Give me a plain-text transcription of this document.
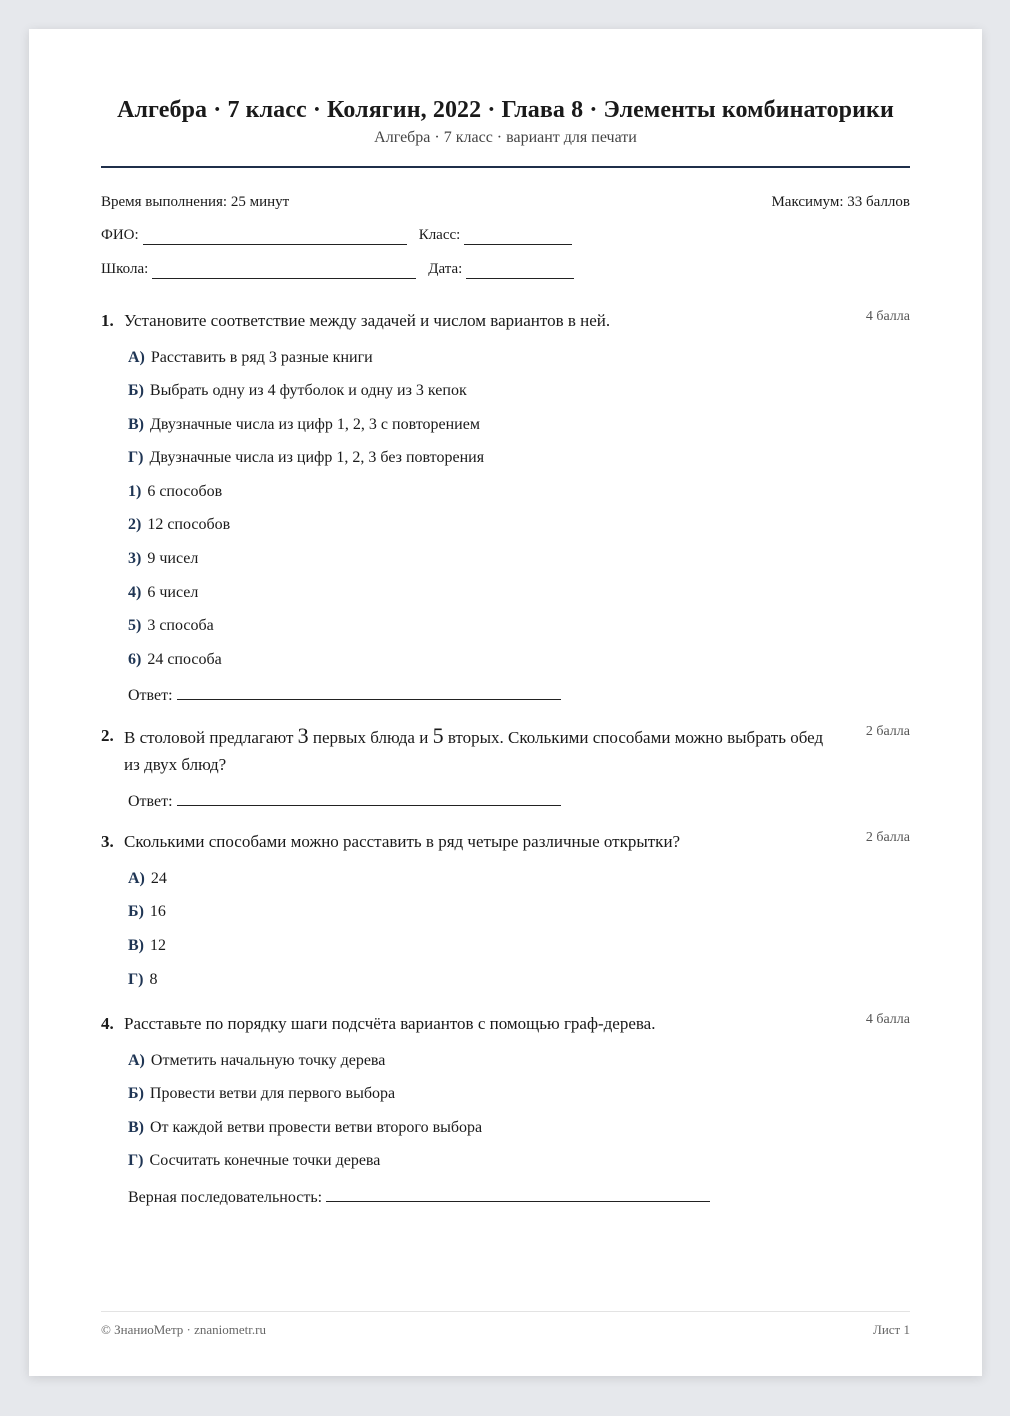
Алгебра · 7 класс · Колягин, 2022 · Глава 8 · Элементы комбинаторики
Алгебра · 7 класс · вариант для печати
Время выполнения: 25 минут	Максимум: 33 баллов
ФИО:	Класс:
Школа:	Дата:
1. Установите соответствие между задачей и числом вариантов в ней.	4 балла
А) Расставить в ряд 3 разные книги
Б) Выбрать одну из 4 футболок и одну из 3 кепок
В) Двузначные числа из цифр 1, 2, 3 с повторением
Г) Двузначные числа из цифр 1, 2, 3 без повторения
1) 6 способов
2) 12 способов
3) 9 чисел
4) 6 чисел
5) 3 способа
6) 24 способа
Ответ:
2. В столовой предлагают 3 первых блюда и 5 вторых. Сколькими способами можно выбрать обед из двух блюд?
2 балла
Ответ:
3. Сколькими способами можно расставить в ряд четыре различные открытки?	2 балла
А) 24
Б) 16
В) 12
Г) 8
4. Расставьте по порядку шаги подсчёта вариантов с помощью граф-дерева.	4 балла
А) Отметить начальную точку дерева
Б) Провести ветви для первого выбора
В) От каждой ветви провести ветви второго выбора
Г) Сосчитать конечные точки дерева
Верная последовательность:
© ЗнаниоМетр · znaniometr.ru	Лист 1
